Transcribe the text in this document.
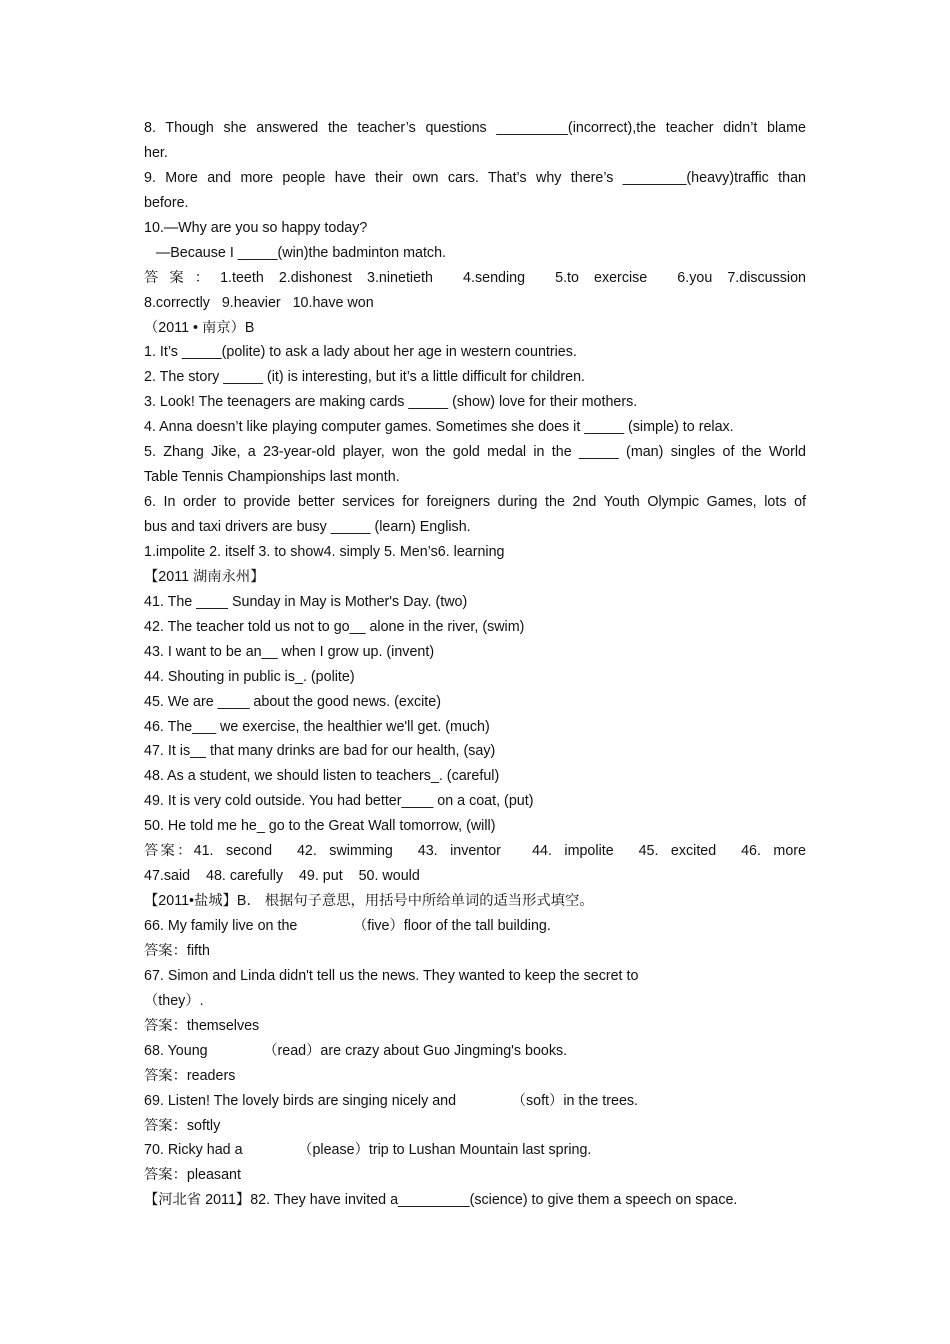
8. Though she answered the teacher’s questions _________(incorrect),the teacher didn’t blame
her.
9. More and more people have their own cars. That’s why there’s ________(heavy)traffic than
before.
10.—Why are you so happy today?
—Because I _____(win)the badminton match.
答 案 ： 1.teeth  2.dishonest  3.ninetieth    4.sending    5.to  exercise    6.you  7.discussion
8.correctly   9.heavier   10.have won
（2011 • 南京）B
1. It’s _____(polite) to ask a lady about her age in western countries.
2. The story _____ (it) is interesting, but it’s a little difficult for children.
3. Look! The teenagers are making cards _____ (show) love for their mothers.
4. Anna doesn’t like playing computer games. Sometimes she does it _____ (simple) to relax.
5. Zhang Jike, a 23-year-old player, won the gold medal in the _____ (man) singles of the World
Table Tennis Championships last month.
6. In order to provide better services for foreigners during the 2nd Youth Olympic Games, lots of
bus and taxi drivers are busy _____ (learn) English.
1.impolite 2. itself 3. to show4. simply 5. Men’s6. learning
【2011 湖南永州】
41. The ____ Sunday in May is Mother's Day. (two)
42. The teacher told us not to go__ alone in the river, (swim)
43. I want to be an__ when I grow up. (invent)
44. Shouting in public is_. (polite)
45. We are ____ about the good news. (excite)
46. The___ we exercise, the healthier we'll get. (much)
47. It is__ that many drinks are bad for our health, (say)
48. As a student, we should listen to teachers_. (careful)
49. It is very cold outside. You had better____ on a coat, (put)
50. He told me he_ go to the Great Wall tomorrow, (will)
答案：41.  second    42.  swimming    43.  inventor     44.  impolite    45.  excited    46.  more
47.said    48. carefully    49. put    50. would
【2011•盐城】B． 根据句子意思，用括号中所给单词的适当形式填空。
66. My family live on the              （five）floor of the tall building.
答案：fifth
67. Simon and Linda didn't tell us the news. They wanted to keep the secret to
（they）.
答案：themselves
68. Young              （read）are crazy about Guo Jingming's books.
答案：readers
69. Listen! The lovely birds are singing nicely and              （soft）in the trees.
答案：softly
70. Ricky had a              （please）trip to Lushan Mountain last spring.
答案：pleasant
【河北省 2011】82. They have invited a_________(science) to give them a speech on space.
